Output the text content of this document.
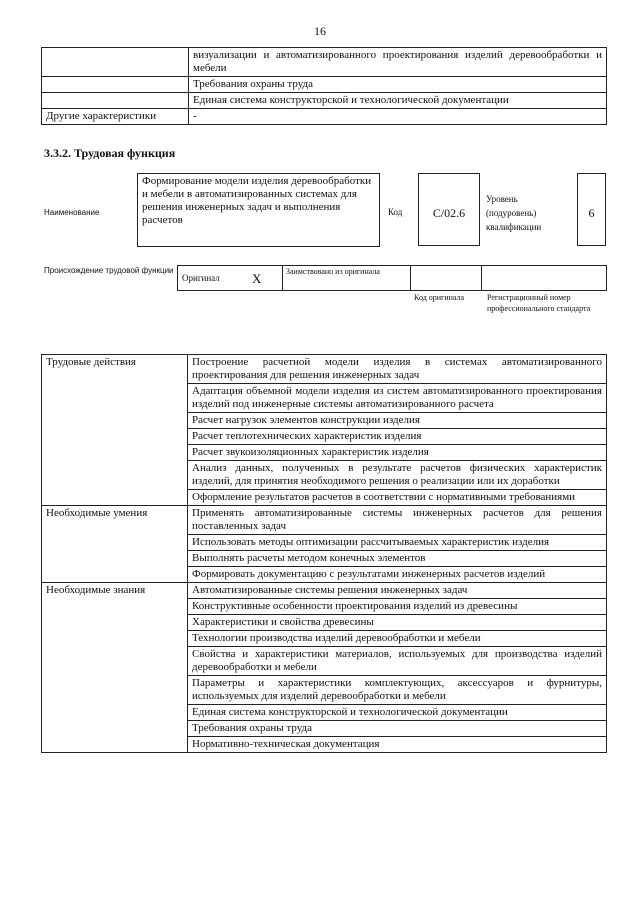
16
	визуализации и автоматизированного проектирования изделий деревообработки и мебели
	Требования охраны труда
	Единая система конструкторской и технологической документации
Другие характеристики	-
3.3.2. Трудовая функция
Наименование
Формирование модели изделия деревообработки и мебели в автоматизированных системах для решения инженерных задач и выполнения расчетов
Код	C/02.6
Уровень (подуровень) квалификации
6
Происхождение трудовой функции
Оригинал X	Заимствовано из оригинала
Код оригинала	Регистрационный номер профессионального стандарта
Трудовые действия	Построение расчетной модели изделия в системах автоматизированного проектирования для решения инженерных задач
	Адаптация объемной модели изделия из систем автоматизированного проектирования изделий под инженерные системы автоматизированного расчета
	Расчет нагрузок элементов конструкции изделия
	Расчет теплотехнических характеристик изделия
	Расчет звукоизоляционных характеристик изделия
	Анализ данных, полученных в результате расчетов физических характеристик изделий, для принятия необходимого решения о реализации или их доработки
	Оформление результатов расчетов в соответствии с нормативными требованиями
Необходимые умения	Применять автоматизированные системы инженерных расчетов для решения поставленных задач
	Использовать методы оптимизации рассчитываемых характеристик изделия
	Выполнять расчеты методом конечных элементов
	Формировать документацию с результатами инженерных расчетов изделий
Необходимые знания	Автоматизированные системы решения инженерных задач
	Конструктивные особенности проектирования изделий из древесины
	Характеристики и свойства древесины
	Технологии производства изделий деревообработки и мебели
	Свойства и характеристики материалов, используемых для производства изделий деревообработки и мебели
	Параметры и характеристики комплектующих, аксессуаров и фурнитуры, используемых для изделий деревообработки и мебели
	Единая система конструкторской и технологической документации
	Требования охраны труда
	Нормативно-техническая документация
